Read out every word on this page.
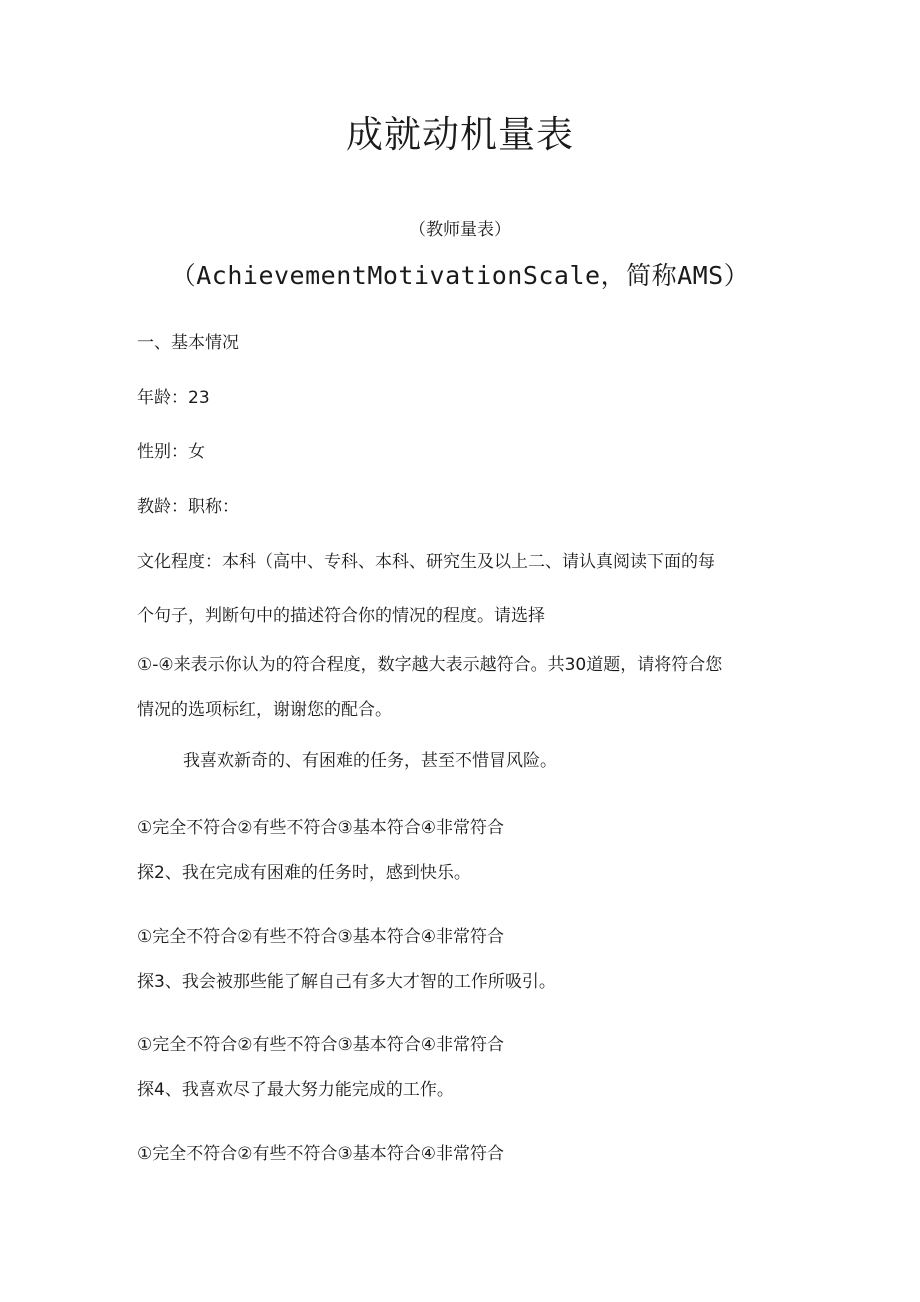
成就动机量表
（教师量表）
（AchievementMotivationScale，简称AMS）
一、基本情况
年龄：23
性别：女
教龄：职称：
文化程度：本科（高中、专科、本科、研究生及以上二、请认真阅读下面的每
个句子，判断句中的描述符合你的情况的程度。请选择
①-④来表示你认为的符合程度，数字越大表示越符合。共30道题，请将符合您
情况的选项标红，谢谢您的配合。
我喜欢新奇的、有困难的任务，甚至不惜冒风险。
①完全不符合②有些不符合③基本符合④非常符合
探2、我在完成有困难的任务时，感到快乐。
①完全不符合②有些不符合③基本符合④非常符合
探3、我会被那些能了解自己有多大才智的工作所吸引。
①完全不符合②有些不符合③基本符合④非常符合
探4、我喜欢尽了最大努力能完成的工作。
①完全不符合②有些不符合③基本符合④非常符合
